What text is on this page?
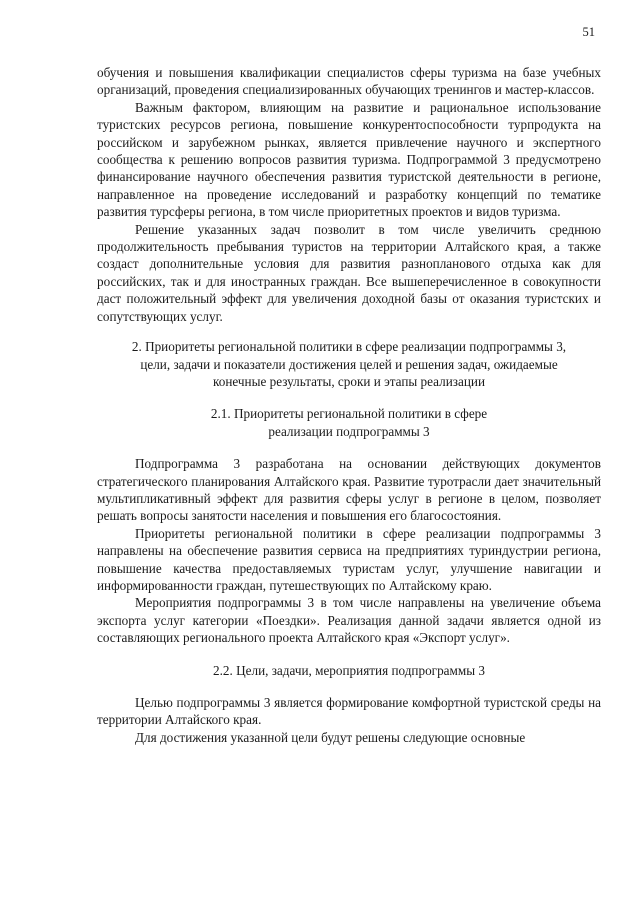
51

обучения и повышения квалификации специалистов сферы туризма на базе учебных организаций, проведения специализированных обучающих тренингов и мастер-классов.

Важным фактором, влияющим на развитие и рациональное использование туристских ресурсов региона, повышение конкурентоспособности турпродукта на российском и зарубежном рынках, является привлечение научного и экспертного сообщества к решению вопросов развития туризма. Подпрограммой 3 предусмотрено финансирование научного обеспечения развития туристской деятельности в регионе, направленное на проведение исследований и разработку концепций по тематике развития турсферы региона, в том числе приоритетных проектов и видов туризма.

Решение указанных задач позволит в том числе увеличить среднюю продолжительность пребывания туристов на территории Алтайского края, а также создаст дополнительные условия для развития разнопланового отдыха как для российских, так и для иностранных граждан. Все вышеперечисленное в совокупности даст положительный эффект для увеличения доходной базы от оказания туристских и сопутствующих услуг.

2. Приоритеты региональной политики в сфере реализации подпрограммы 3,
цели, задачи и показатели достижения целей и решения задач, ожидаемые
конечные результаты, сроки и этапы реализации
2.1. Приоритеты региональной политики в сфере
реализации подпрограммы 3

Подпрограмма 3 разработана на основании действующих документов стратегического планирования Алтайского края. Развитие туротрасли дает значительный мультипликативный эффект для развития сферы услуг в регионе в целом, позволяет решать вопросы занятости населения и повышения его благосостояния.

Приоритеты региональной политики в сфере реализации подпрограммы 3 направлены на обеспечение развития сервиса на предприятиях туриндустрии региона, повышение качества предоставляемых туристам услуг, улучшение навигации и информированности граждан, путешествующих по Алтайскому краю.

Мероприятия подпрограммы 3 в том числе направлены на увеличение объема экспорта услуг категории «Поездки». Реализация данной задачи является одной из составляющих регионального проекта Алтайского края «Экспорт услуг».

2.2. Цели, задачи, мероприятия подпрограммы 3

Целью подпрограммы 3 является формирование комфортной туристской среды на территории Алтайского края.

Для достижения указанной цели будут решены следующие основные
